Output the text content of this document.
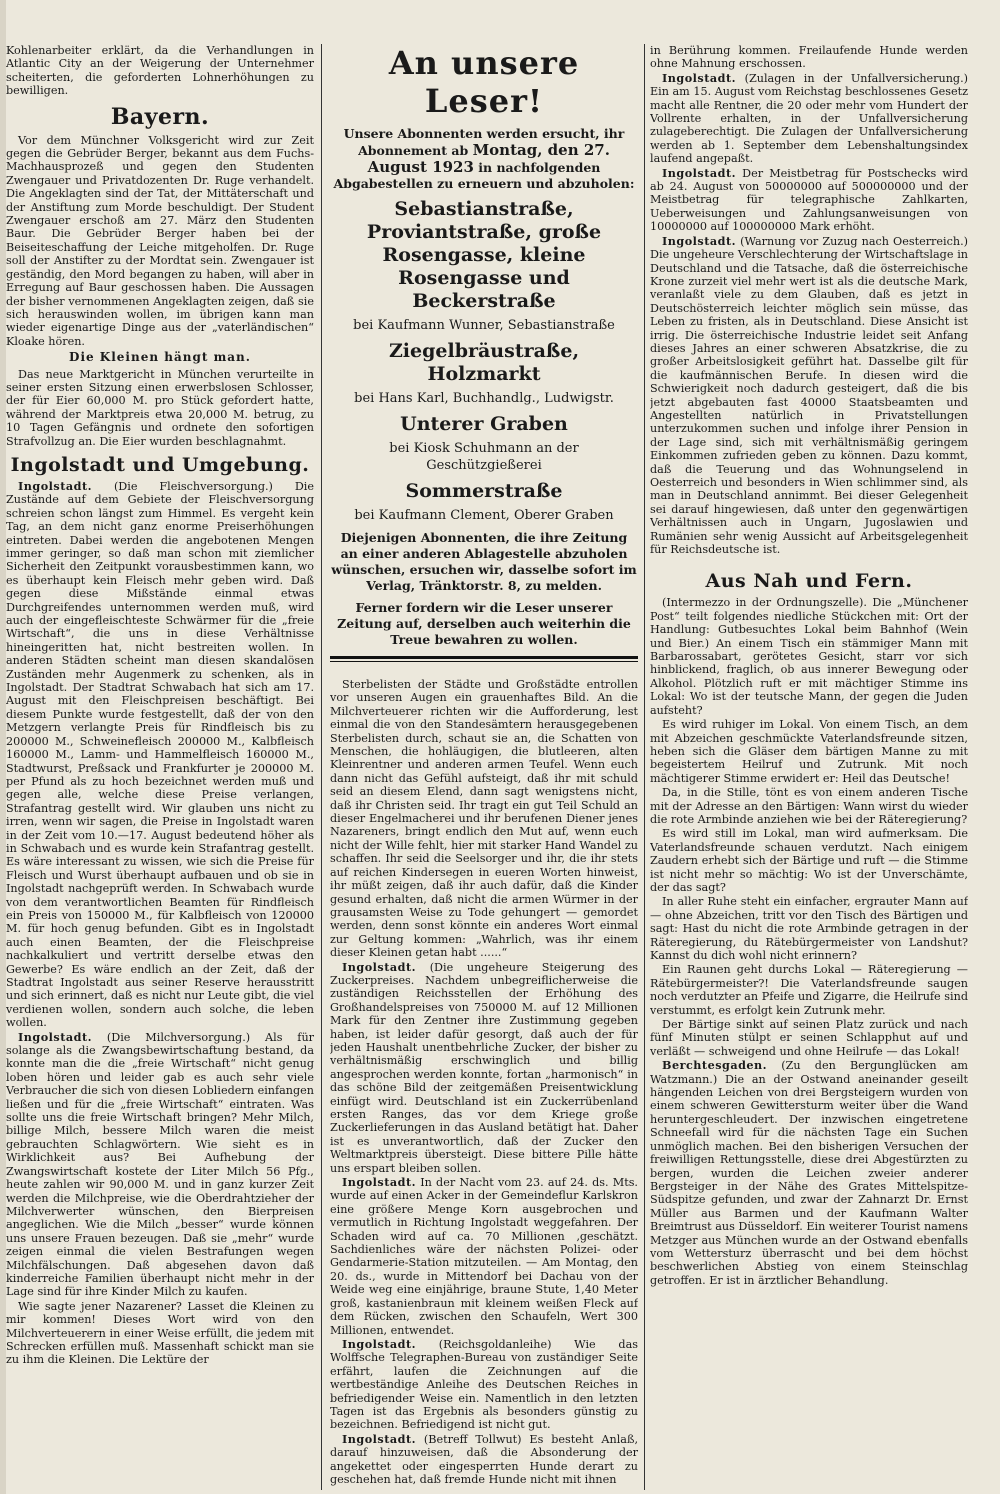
Kohlenarbeiter erklärt, da die Verhandlungen in Atlantic City an der Weigerung der Unternehmer scheiterten, die geforderten Lohnerhöhungen zu bewilligen.

Bayern.

Vor dem Münchner Volksgericht wird zur Zeit gegen die Gebrüder Berger, bekannt aus dem Fuchs-Machhausprozeß und gegen den Studenten Zwengauer und Privatdozenten Dr. Ruge verhandelt. Die Angeklagten sind der Tat, der Mittäterschaft und der Anstiftung zum Morde beschuldigt. Der Student Zwengauer erschoß am 27. März den Studenten Baur. Die Gebrüder Berger haben bei der Beiseiteschaffung der Leiche mitgeholfen. Dr. Ruge soll der Anstifter zu der Mordtat sein. Zwengauer ist geständig, den Mord begangen zu haben, will aber in Erregung auf Baur geschossen haben. Die Aussagen der bisher vernommenen Angeklagten zeigen, daß sie sich herauswinden wollen, im übrigen kann man wieder eigenartige Dinge aus der „vaterländischen“ Kloake hören.

Die Kleinen hängt man.

Das neue Marktgericht in München verurteilte in seiner ersten Sitzung einen erwerbslosen Schlosser, der für Eier 60,000 M. pro Stück gefordert hatte, während der Marktpreis etwa 20,000 M. betrug, zu 10 Tagen Gefängnis und ordnete den sofortigen Strafvollzug an. Die Eier wurden beschlagnahmt.

Ingolstadt und Umgebung.

Ingolstadt. (Die Fleischversorgung.) Die Zustände auf dem Gebiete der Fleischversorgung schreien schon längst zum Himmel. Es vergeht kein Tag, an dem nicht ganz enorme Preiserhöhungen eintreten. Dabei werden die angebotenen Mengen immer geringer, so daß man schon mit ziemlicher Sicherheit den Zeitpunkt vorausbestimmen kann, wo es überhaupt kein Fleisch mehr geben wird. Daß gegen diese Mißstände einmal etwas Durchgreifendes unternommen werden muß, wird auch der eingefleischteste Schwärmer für die „freie Wirtschaft“, die uns in diese Verhältnisse hineingeritten hat, nicht bestreiten wollen. In anderen Städten scheint man diesen skandalösen Zuständen mehr Augenmerk zu schenken, als in Ingolstadt. Der Stadtrat Schwabach hat sich am 17. August mit den Fleischpreisen beschäftigt. Bei diesem Punkte wurde festgestellt, daß der von den Metzgern verlangte Preis für Rindfleisch bis zu 200000 M., Schweinefleisch 200000 M., Kalbfleisch 160000 M., Lamm- und Hammelfleisch 160000 M., Stadtwurst, Preßsack und Frankfurter je 200000 M. per Pfund als zu hoch bezeichnet werden muß und gegen alle, welche diese Preise verlangen, Strafantrag gestellt wird. Wir glauben uns nicht zu irren, wenn wir sagen, die Preise in Ingolstadt waren in der Zeit vom 10.—17. August bedeutend höher als in Schwabach und es wurde kein Strafantrag gestellt. Es wäre interessant zu wissen, wie sich die Preise für Fleisch und Wurst überhaupt aufbauen und ob sie in Ingolstadt nachgeprüft werden. In Schwabach wurde von dem verantwortlichen Beamten für Rindfleisch ein Preis von 150000 M., für Kalbfleisch von 120000 M. für hoch genug befunden. Gibt es in Ingolstadt auch einen Beamten, der die Fleischpreise nachkalkuliert und vertritt derselbe etwas den Gewerbe? Es wäre endlich an der Zeit, daß der Stadtrat Ingolstadt aus seiner Reserve herausstritt und sich erinnert, daß es nicht nur Leute gibt, die viel verdienen wollen, sondern auch solche, die leben wollen.

Ingolstadt. (Die Milchversorgung.) Als für solange als die Zwangsbewirtschaftung bestand, da konnte man die die „freie Wirtschaft“ nicht genug loben hören und leider gab es auch sehr viele Verbraucher die sich von diesen Lobliedern einfangen ließen und für die „freie Wirtschaft“ eintraten. Was sollte uns die freie Wirtschaft bringen? Mehr Milch, billige Milch, bessere Milch waren die meist gebrauchten Schlagwörtern. Wie sieht es in Wirklichkeit aus? Bei Aufhebung der Zwangswirtschaft kostete der Liter Milch 56 Pfg., heute zahlen wir 90,000 M. und in ganz kurzer Zeit werden die Milchpreise, wie die Oberdrahtzieher der Milchverwerter wünschen, den Bierpreisen angeglichen. Wie die Milch „besser“ wurde können uns unsere Frauen bezeugen. Daß sie „mehr“ wurde zeigen einmal die vielen Bestrafungen wegen Milchfälschungen. Daß abgesehen davon daß kinderreiche Familien überhaupt nicht mehr in der Lage sind für ihre Kinder Milch zu kaufen.

Wie sagte jener Nazarener? Lasset die Kleinen zu mir kommen! Dieses Wort wird von den Milchverteuerern in einer Weise erfüllt, die jedem mit Schrecken erfüllen muß. Massenhaft schickt man sie zu ihm die Kleinen. Die Lektüre der

An unsere Leser!
Unsere Abonnenten werden ersucht, ihr Abonnement ab Montag, den 27. August 1923 in nachfolgenden Abgabestellen zu erneuern und abzuholen:
Sebastianstraße, Proviantstraße, große Rosengasse, kleine Rosengasse und Beckerstraße
bei Kaufmann Wunner, Sebastianstraße
Ziegelbräustraße, Holzmarkt
bei Hans Karl, Buchhandlg., Ludwigstr.
Unterer Graben
bei Kiosk Schuhmann an der Geschützgießerei
Sommerstraße
bei Kaufmann Clement, Oberer Graben
Diejenigen Abonnenten, die ihre Zeitung an einer anderen Ablagestelle abzuholen wünschen, ersuchen wir, dasselbe sofort im Verlag, Tränktorstr. 8, zu melden.
Ferner fordern wir die Leser unserer Zeitung auf, derselben auch weiterhin die Treue bewahren zu wollen.

Sterbelisten der Städte und Großstädte entrollen vor unseren Augen ein grauenhaftes Bild. An die Milchverteuerer richten wir die Aufforderung, lest einmal die von den Standesämtern herausgegebenen Sterbelisten durch, schaut sie an, die Schatten von Menschen, die hohläugigen, die blutleeren, alten Kleinrentner und anderen armen Teufel. Wenn euch dann nicht das Gefühl aufsteigt, daß ihr mit schuld seid an diesem Elend, dann sagt wenigstens nicht, daß ihr Christen seid. Ihr tragt ein gut Teil Schuld an dieser Engelmacherei und ihr berufenen Diener jenes Nazareners, bringt endlich den Mut auf, wenn euch nicht der Wille fehlt, hier mit starker Hand Wandel zu schaffen. Ihr seid die Seelsorger und ihr, die ihr stets auf reichen Kindersegen in eueren Worten hinweist, ihr müßt zeigen, daß ihr auch dafür, daß die Kinder gesund erhalten, daß nicht die armen Würmer in der grausamsten Weise zu Tode gehungert — gemordet werden, denn sonst könnte ein anderes Wort einmal zur Geltung kommen: „Wahrlich, was ihr einem dieser Kleinen getan habt ......“

Ingolstadt. (Die ungeheure Steigerung des Zuckerpreises. Nachdem unbegreiflicherweise die zuständigen Reichsstellen der Erhöhung des Großhandelspreises von 750000 M. auf 12 Millionen Mark für den Zentner ihre Zustimmung gegeben haben, ist leider dafür gesorgt, daß auch der für jeden Haushalt unentbehrliche Zucker, der bisher zu verhältnismäßig erschwinglich und billig angesprochen werden konnte, fortan „harmonisch“ in das schöne Bild der zeitgemäßen Preisentwicklung einfügt wird. Deutschland ist ein Zuckerrübenland ersten Ranges, das vor dem Kriege große Zuckerlieferungen in das Ausland betätigt hat. Daher ist es unverantwortlich, daß der Zucker den Weltmarktpreis übersteigt. Diese bittere Pille hätte uns erspart bleiben sollen.

Ingolstadt. In der Nacht vom 23. auf 24. ds. Mts. wurde auf einen Acker in der Gemeindeflur Karlskron eine größere Menge Korn ausgebrochen und vermutlich in Richtung Ingolstadt weggefahren. Der Schaden wird auf ca. 70 Millionen ‚geschätzt. Sachdienliches wäre der nächsten Polizei- oder Gendarmerie-Station mitzuteilen. — Am Montag, den 20. ds., wurde in Mittendorf bei Dachau von der Weide weg eine einjährige, braune Stute, 1,40 Meter groß, kastanienbraun mit kleinem weißen Fleck auf dem Rücken, zwischen den Schaufeln, Wert 300 Millionen, entwendet.

Ingolstadt. (Reichsgoldanleihe) Wie das Wolffsche Telegraphen-Bureau von zuständiger Seite erfährt, laufen die Zeichnungen auf die wertbeständige Anleihe des Deutschen Reiches in befriedigender Weise ein. Namentlich in den letzten Tagen ist das Ergebnis als besonders günstig zu bezeichnen. Befriedigend ist nicht gut.

Ingolstadt. (Betreff Tollwut) Es besteht Anlaß, darauf hinzuweisen, daß die Absonderung der angekettet oder eingesperrten Hunde derart zu geschehen hat, daß fremde Hunde nicht mit ihnen

in Berührung kommen. Freilaufende Hunde werden ohne Mahnung erschossen.

Ingolstadt. (Zulagen in der Unfallversicherung.) Ein am 15. August vom Reichstag beschlossenes Gesetz macht alle Rentner, die 20 oder mehr vom Hundert der Vollrente erhalten, in der Unfallversicherung zulageberechtigt. Die Zulagen der Unfallversicherung werden ab 1. September dem Lebenshaltungsindex laufend angepaßt.

Ingolstadt. Der Meistbetrag für Postschecks wird ab 24. August von 50000000 auf 500000000 und der Meistbetrag für telegraphische Zahlkarten, Ueberweisungen und Zahlungsanweisungen von 10000000 auf 100000000 Mark erhöht.

Ingolstadt. (Warnung vor Zuzug nach Oesterreich.) Die ungeheure Verschlechterung der Wirtschaftslage in Deutschland und die Tatsache, daß die österreichische Krone zurzeit viel mehr wert ist als die deutsche Mark, veranlaßt viele zu dem Glauben, daß es jetzt in Deutschösterreich leichter möglich sein müsse, das Leben zu fristen, als in Deutschland. Diese Ansicht ist irrig. Die österreichische Industrie leidet seit Anfang dieses Jahres an einer schweren Absatzkrise, die zu großer Arbeitslosigkeit geführt hat. Dasselbe gilt für die kaufmännischen Berufe. In diesen wird die Schwierigkeit noch dadurch gesteigert, daß die bis jetzt abgebauten fast 40000 Staatsbeamten und Angestellten natürlich in Privatstellungen unterzukommen suchen und infolge ihrer Pension in der Lage sind, sich mit verhältnismäßig geringem Einkommen zufrieden geben zu können. Dazu kommt, daß die Teuerung und das Wohnungselend in Oesterreich und besonders in Wien schlimmer sind, als man in Deutschland annimmt. Bei dieser Gelegenheit sei darauf hingewiesen, daß unter den gegenwärtigen Verhältnissen auch in Ungarn, Jugoslawien und Rumänien sehr wenig Aussicht auf Arbeitsgelegenheit für Reichsdeutsche ist.

Aus Nah und Fern.

(Intermezzo in der Ordnungszelle). Die „Münchener Post“ teilt folgendes niedliche Stückchen mit: Ort der Handlung: Gutbesuchtes Lokal beim Bahnhof (Wein und Bier.) An einem Tisch ein stämmiger Mann mit Barbarossabart, gerötetes Gesicht, starr vor sich hinblickend, fraglich, ob aus innerer Bewegung oder Alkohol. Plötzlich ruft er mit mächtiger Stimme ins Lokal: Wo ist der teutsche Mann, der gegen die Juden aufsteht?

Es wird ruhiger im Lokal. Von einem Tisch, an dem mit Abzeichen geschmückte Vaterlandsfreunde sitzen, heben sich die Gläser dem bärtigen Manne zu mit begeistertem Heilruf und Zutrunk. Mit noch mächtigerer Stimme erwidert er: Heil das Deutsche!

Da, in die Stille, tönt es von einem anderen Tische mit der Adresse an den Bärtigen: Wann wirst du wieder die rote Armbinde anziehen wie bei der Räteregierung?

Es wird still im Lokal, man wird aufmerksam. Die Vaterlandsfreunde schauen verdutzt. Nach einigem Zaudern erhebt sich der Bärtige und ruft — die Stimme ist nicht mehr so mächtig: Wo ist der Unverschämte, der das sagt?

In aller Ruhe steht ein einfacher, ergrauter Mann auf — ohne Abzeichen, tritt vor den Tisch des Bärtigen und sagt: Hast du nicht die rote Armbinde getragen in der Räteregierung, du Rätebürgermeister von Landshut? Kannst du dich wohl nicht erinnern?

Ein Raunen geht durchs Lokal — Räteregierung — Rätebürgermeister?! Die Vaterlandsfreunde saugen noch verdutzter an Pfeife und Zigarre, die Heilrufe sind verstummt, es erfolgt kein Zutrunk mehr.

Der Bärtige sinkt auf seinen Platz zurück und nach fünf Minuten stülpt er seinen Schlapphut auf und verläßt — schweigend und ohne Heilrufe — das Lokal!

Berchtesgaden. (Zu den Bergunglücken am Watzmann.) Die an der Ostwand aneinander geseilt hängenden Leichen von drei Bergsteigern wurden von einem schweren Gewittersturm weiter über die Wand heruntergeschleudert. Der inzwischen eingetretene Schneefall wird für die nächsten Tage ein Suchen unmöglich machen. Bei den bisherigen Versuchen der freiwilligen Rettungsstelle, diese drei Abgestürzten zu bergen, wurden die Leichen zweier anderer Bergsteiger in der Nähe des Grates Mittelspitze-Südspitze gefunden, und zwar der Zahnarzt Dr. Ernst Müller aus Barmen und der Kaufmann Walter Breimtrust aus Düsseldorf. Ein weiterer Tourist namens Metzger aus München wurde an der Ostwand ebenfalls vom Wettersturz überrascht und bei dem höchst beschwerlichen Abstieg von einem Steinschlag getroffen. Er ist in ärztlicher Behandlung.
